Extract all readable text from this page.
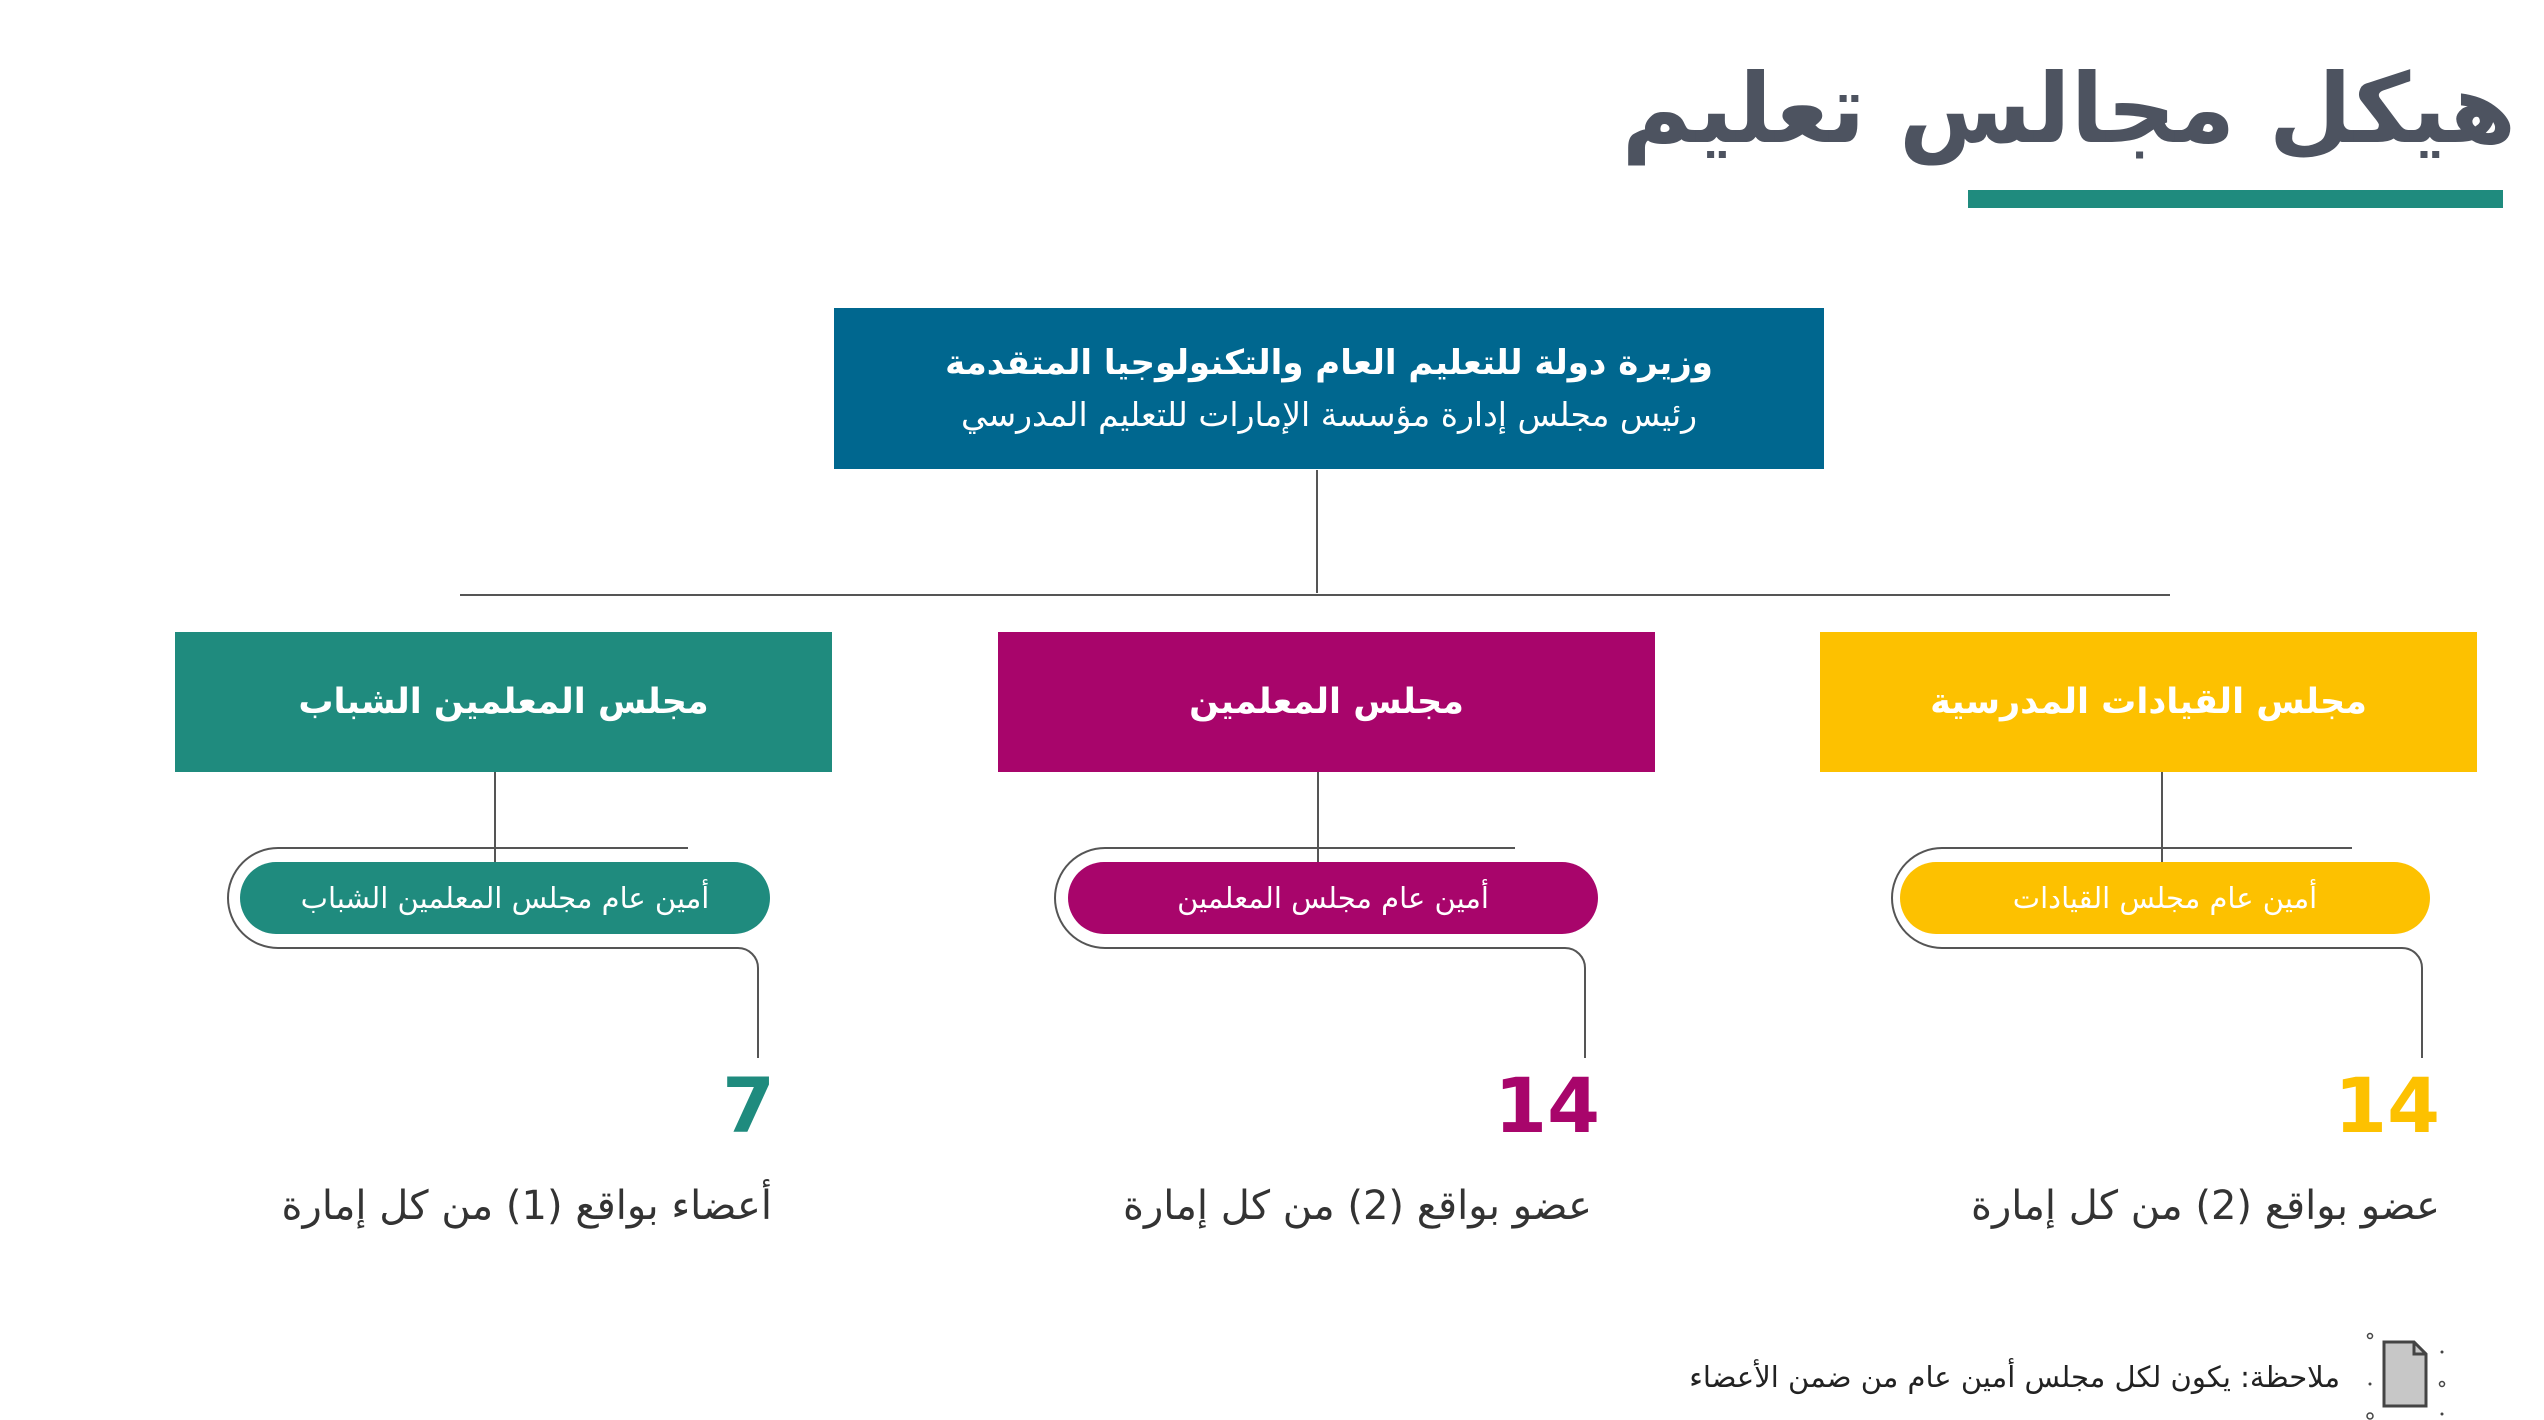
هيكل مجالس تعليم
وزيرة دولة للتعليم العام والتكنولوجيا المتقدمة
رئيس مجلس إدارة مؤسسة الإمارات للتعليم المدرسي
مجلس القيادات المدرسية
أمين عام مجلس القيادات
14
عضو بواقع (2) من كل إمارة
مجلس المعلمين
أمين عام مجلس المعلمين
14
عضو بواقع (2) من كل إمارة
مجلس المعلمين الشباب
أمين عام مجلس المعلمين الشباب
7
أعضاء بواقع (1) من كل إمارة
ملاحظة: يكون لكل مجلس أمين عام من ضمن الأعضاء
